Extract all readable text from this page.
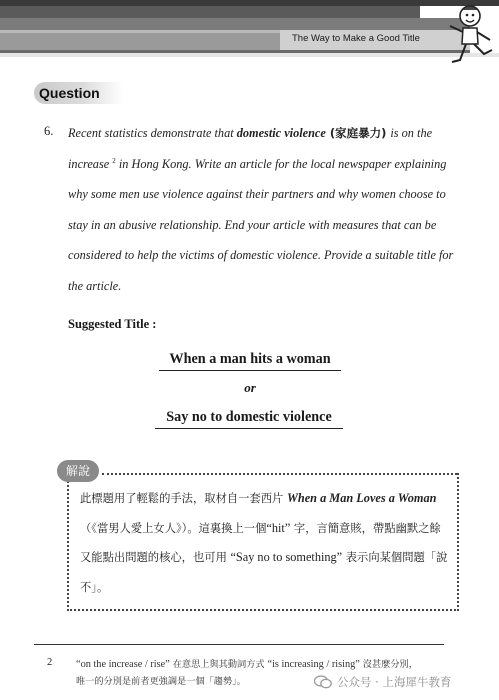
The Way to Make a Good Title
Question
6. Recent statistics demonstrate that domestic violence (家庭暴力) is on the increase $^2$ in Hong Kong. Write an article for the local newspaper explaining why some men use violence against their partners and why women choose to stay in an abusive relationship. End your article with measures that can be considered to help the victims of domestic violence. Provide a suitable title for the article.
Suggested Title :
When a man hits a woman
or
Say no to domestic violence
解說
此標題用了輕鬆的手法，取材自一套西片 When a Man Loves a Woman（《當男人愛上女人》）。這裏換上一個“hit” 字，言簡意賅，帶點幽默之餘又能點出問題的核心，也可用 “Say no to something” 表示向某個問題「說不」。
2 “on the increase / rise” 在意思上與其動詞方式 “is increasing / rising” 沒甚麼分別，
唯一的分別是前者更強調是一個「趨勢」。	公众号 · 上海犀牛教育
